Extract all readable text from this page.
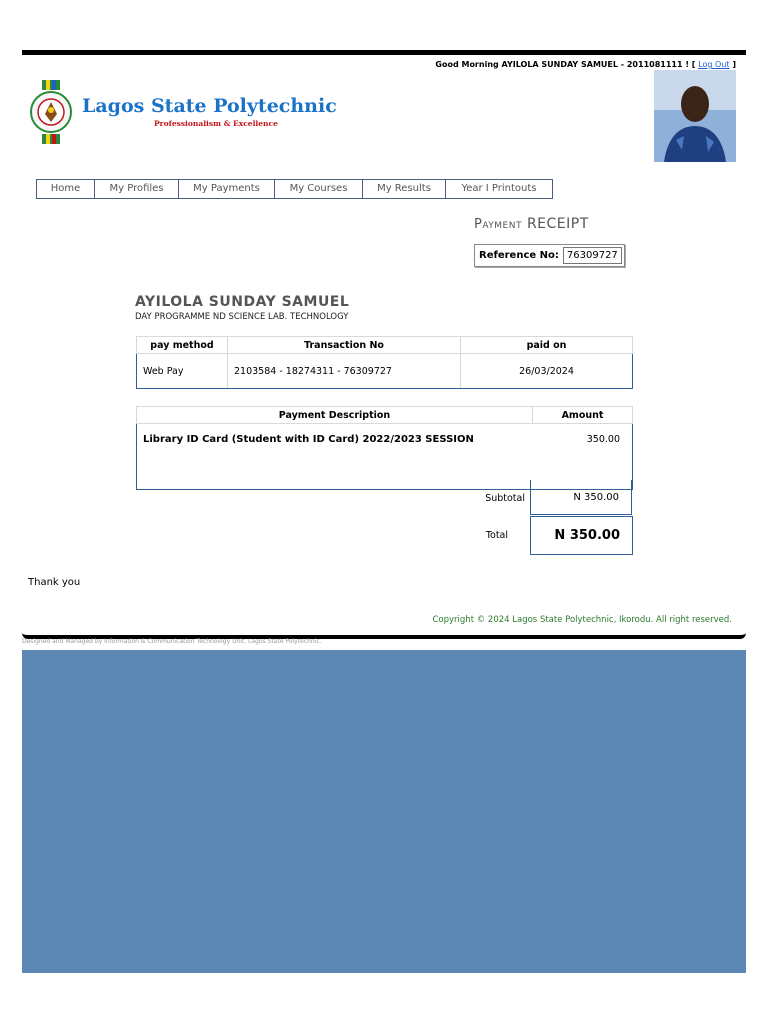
Good Morning AYILOLA SUNDAY SAMUEL - 2011081111 ! [ Log Out ]
Lagos State Polytechnic
Professionalism & Excellence
Home	My Profiles	My Payments	My Courses	My Results	Year I Printouts
Payment RECEIPT
Reference No: 76309727
AYILOLA SUNDAY SAMUEL
DAY PROGRAMME ND SCIENCE LAB. TECHNOLOGY
pay method	Transaction No	paid on
Web Pay	2103584 - 18274311 - 76309727	26/03/2024
Payment Description	Amount
Library ID Card (Student with ID Card) 2022/2023 SESSION	350.00
Subtotal	N 350.00
Total	N 350.00
Thank you
Copyright © 2024 Lagos State Polytechnic, Ikorodu. All right reserved.
Designed and Managed by Information & Communication Technology Unit, Lagos State Polytechnic.
